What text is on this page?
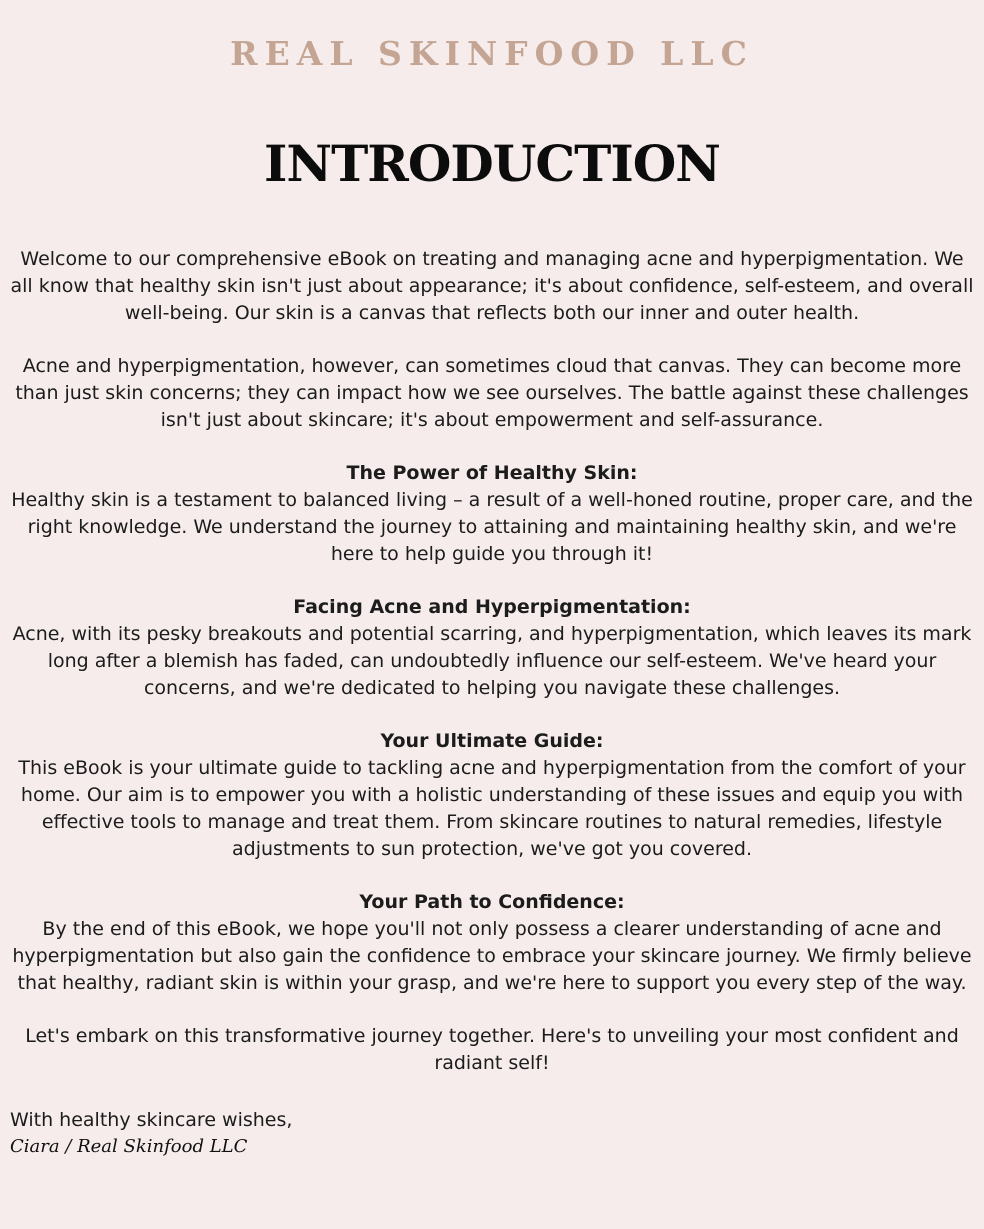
REAL SKINFOOD LLC
INTRODUCTION

Welcome to our comprehensive eBook on treating and managing acne and hyperpigmentation. We all know that healthy skin isn't just about appearance; it's about confidence, self-esteem, and overall well-being. Our skin is a canvas that reflects both our inner and outer health.

Acne and hyperpigmentation, however, can sometimes cloud that canvas. They can become more than just skin concerns; they can impact how we see ourselves. The battle against these challenges isn't just about skincare; it's about empowerment and self-assurance.

The Power of Healthy Skin:
Healthy skin is a testament to balanced living – a result of a well-honed routine, proper care, and the right knowledge. We understand the journey to attaining and maintaining healthy skin, and we're here to help guide you through it!

Facing Acne and Hyperpigmentation:
Acne, with its pesky breakouts and potential scarring, and hyperpigmentation, which leaves its mark long after a blemish has faded, can undoubtedly influence our self-esteem. We've heard your concerns, and we're dedicated to helping you navigate these challenges.

Your Ultimate Guide:
This eBook is your ultimate guide to tackling acne and hyperpigmentation from the comfort of your home. Our aim is to empower you with a holistic understanding of these issues and equip you with effective tools to manage and treat them. From skincare routines to natural remedies, lifestyle adjustments to sun protection, we've got you covered.

Your Path to Confidence:
By the end of this eBook, we hope you'll not only possess a clearer understanding of acne and hyperpigmentation but also gain the confidence to embrace your skincare journey. We firmly believe that healthy, radiant skin is within your grasp, and we're here to support you every step of the way.

Let's embark on this transformative journey together. Here's to unveiling your most confident and radiant self!

With healthy skincare wishes,

Ciara / Real Skinfood LLC
